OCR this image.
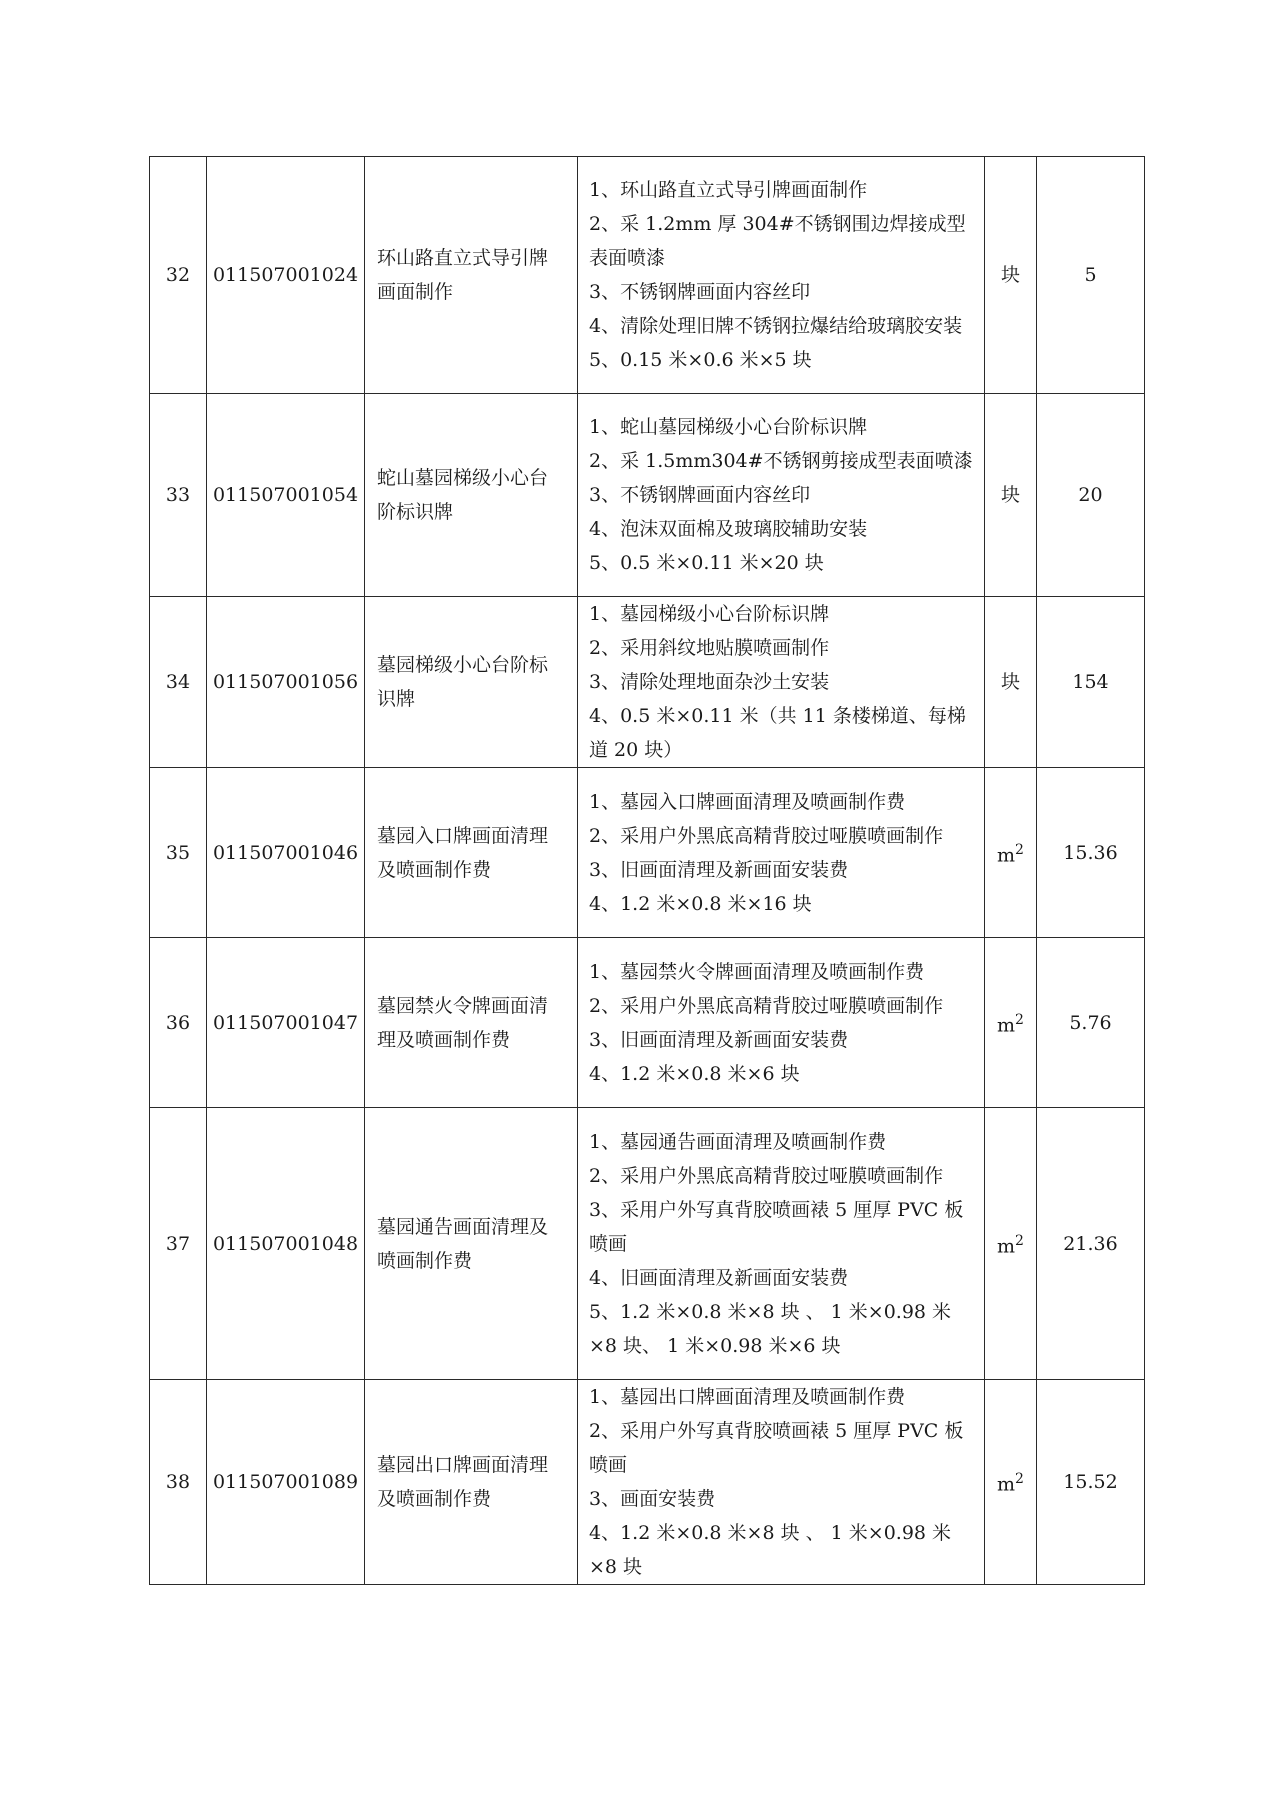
32	011507001024	环山路直立式导引牌画面制作	1、环山路直立式导引牌画面制作
2、采 1.2mm 厚 304#不锈钢围边焊接成型表面喷漆
3、不锈钢牌画面内容丝印
4、清除处理旧牌不锈钢拉爆结给玻璃胶安装
5、0.15 米×0.6 米×5 块	块	5
33	011507001054	蛇山墓园梯级小心台阶标识牌	1、蛇山墓园梯级小心台阶标识牌
2、采 1.5mm304#不锈钢剪接成型表面喷漆
3、不锈钢牌画面内容丝印
4、泡沫双面棉及玻璃胶辅助安装
5、0.5 米×0.11 米×20 块	块	20
34	011507001056	墓园梯级小心台阶标识牌	1、墓园梯级小心台阶标识牌
2、采用斜纹地贴膜喷画制作
3、清除处理地面杂沙土安装
4、0.5 米×0.11 米（共 11 条楼梯道、每梯道 20 块）	块	154
35	011507001046	墓园入口牌画面清理及喷画制作费	1、墓园入口牌画面清理及喷画制作费
2、采用户外黑底高精背胶过哑膜喷画制作
3、旧画面清理及新画面安装费
4、1.2 米×0.8 米×16 块	$m^2$	15.36
36	011507001047	墓园禁火令牌画面清理及喷画制作费	1、墓园禁火令牌画面清理及喷画制作费
2、采用户外黑底高精背胶过哑膜喷画制作
3、旧画面清理及新画面安装费
4、1.2 米×0.8 米×6 块	$m^2$	5.76
37	011507001048	墓园通告画面清理及喷画制作费	1、墓园通告画面清理及喷画制作费
2、采用户外黑底高精背胶过哑膜喷画制作
3、采用户外写真背胶喷画裱 5 厘厚 PVC 板喷画
4、旧画面清理及新画面安装费
5、1.2 米×0.8 米×8 块 、 1 米×0.98 米×8 块、 1 米×0.98 米×6 块	$m^2$	21.36
38	011507001089	墓园出口牌画面清理及喷画制作费	1、墓园出口牌画面清理及喷画制作费
2、采用户外写真背胶喷画裱 5 厘厚 PVC 板喷画
3、画面安装费
4、1.2 米×0.8 米×8 块 、 1 米×0.98 米×8 块	$m^2$	15.52
